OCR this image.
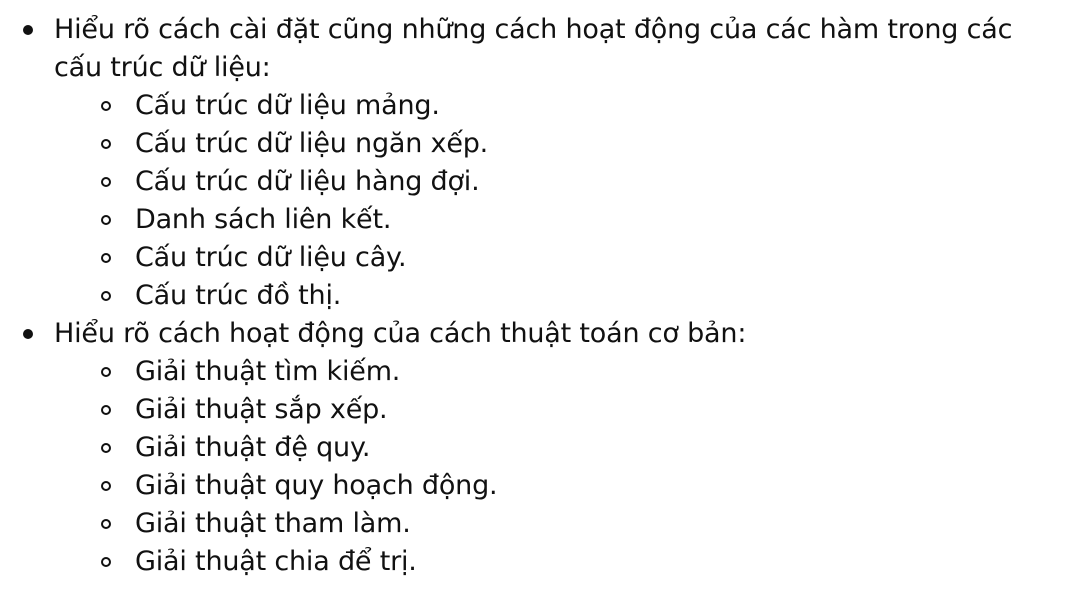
Hiểu rõ cách cài đặt cũng những cách hoạt động của các hàm trong các cấu trúc dữ liệu:
Cấu trúc dữ liệu mảng.
Cấu trúc dữ liệu ngăn xếp.
Cấu trúc dữ liệu hàng đợi.
Danh sách liên kết.
Cấu trúc dữ liệu cây.
Cấu trúc đồ thị.
Hiểu rõ cách hoạt động của cách thuật toán cơ bản:
Giải thuật tìm kiếm.
Giải thuật sắp xếp.
Giải thuật đệ quy.
Giải thuật quy hoạch động.
Giải thuật tham làm.
Giải thuật chia để trị.
